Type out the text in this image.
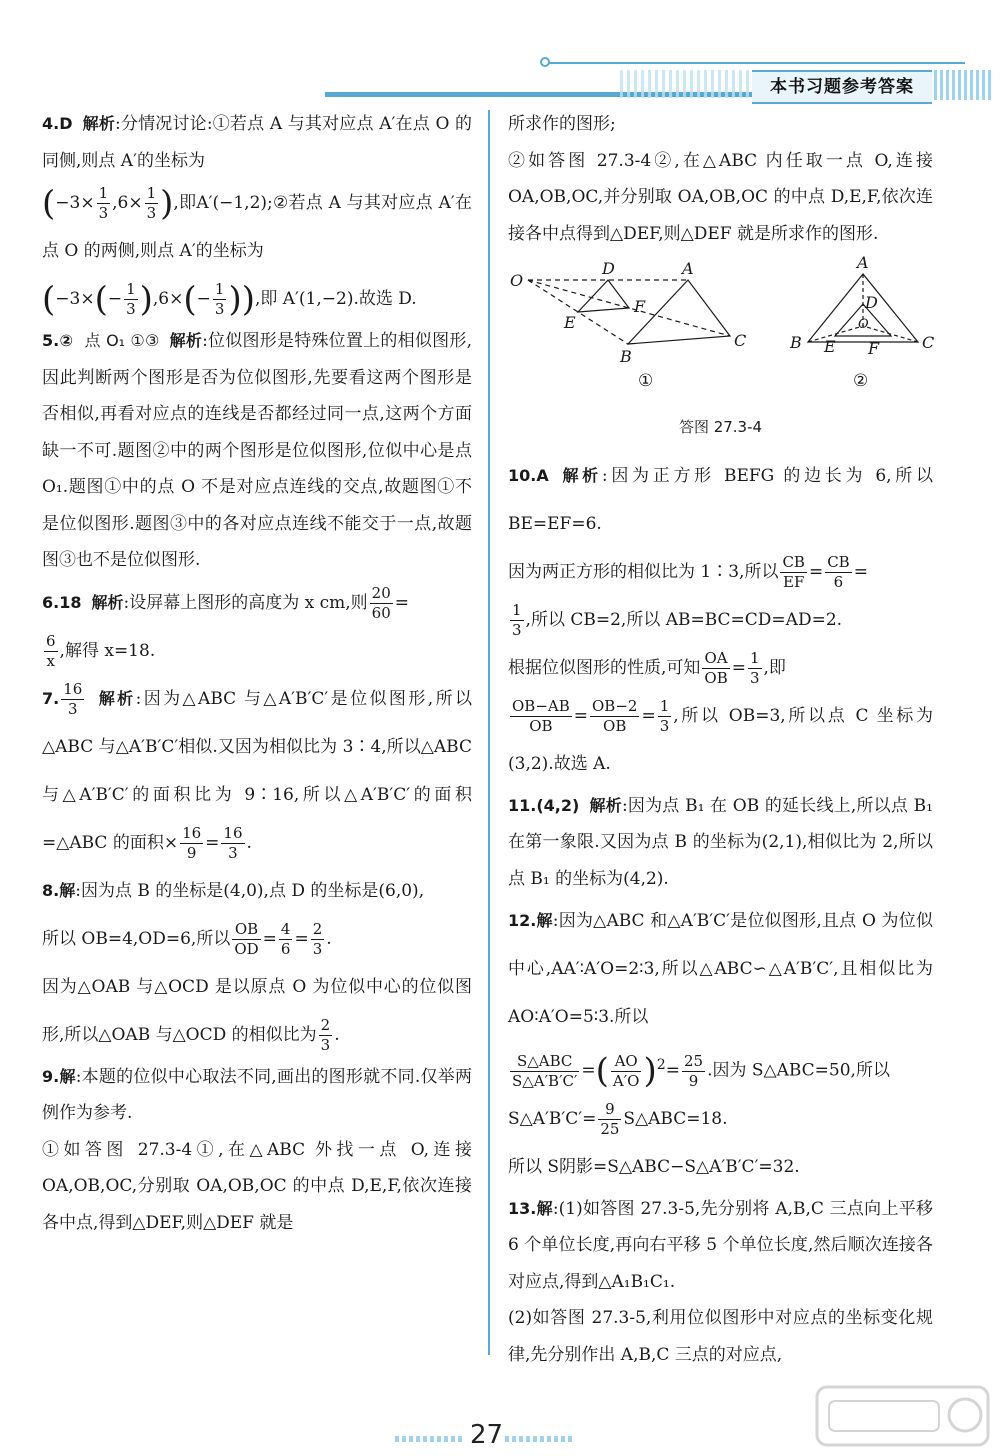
本书习题参考答案

4.D 解析:分情况讨论:①若点 A 与其对应点 A′在点 O 的同侧,则点 A′的坐标为

($-3\times \frac{1}{3} ,6\times \frac{1}{3}$ ),即A′(−1,2);②若点 A 与其对应点 A′在点 O 的两侧,则点 A′的坐标为

($-3\times(- \frac{1}{3} ),6\times(- \frac{1}{3}$ )),即 A′(1,−2).故选 D.

5.② 点 O₁ ①③ 解析:位似图形是特殊位置上的相似图形,因此判断两个图形是否为位似图形,先要看这两个图形是否相似,再看对应点的连线是否都经过同一点,这两个方面缺一不可.题图②中的两个图形是位似图形,位似中心是点 O₁.题图①中的点 O 不是对应点连线的交点,故题图①不是位似图形.题图③中的各对应点连线不能交于一点,故题图③也不是位似图形.

6.18 解析:设屏幕上图形的高度为 x cm,则 $\frac{20}{60}$ =

$\frac{6}{x}$ ,解得 x=18.

7. $\frac{16}{3}$ 解析:因为△ABC 与△A′B′C′是位似图形,所以△ABC 与△A′B′C′相似.又因为相似比为 3∶4,所以△ABC 与△A′B′C′的面积比为 9∶16,所以△A′B′C′的面积=△ABC 的面积× $\frac{16}{9} = \frac{16}{3}$ .

8.解:因为点 B 的坐标是(4,0),点 D 的坐标是(6,0),
所以 OB=4,OD=6,所以 $\frac{OB}{OD} = \frac{4}{6} = \frac{2}{3}$ .
因为△OAB 与△OCD 是以原点 O 为位似中心的位似图形,所以△OAB 与△OCD 的相似比为 $\frac{2}{3}$ .

9.解:本题的位似中心取法不同,画出的图形就不同.仅举两例作为参考.
①如答图 27.3-4①,在△ABC 外找一点 O,连接 OA,OB,OC,分别取 OA,OB,OC 的中点 D,E,F,依次连接各中点,得到△DEF,则△DEF 就是

所求作的图形;
②如答图 27.3-4②,在△ABC 内任取一点 O,连接 OA,OB,OC,并分别取 OA,OB,OC 的中点 D,E,F,依次连接各中点得到△DEF,则△DEF 就是所求作的图形.

O
D	A
F
E
B
C
A
D
B E F	C
O
①	②
答图 27.3-4

10.A 解析:因为正方形 BEFG 的边长为 6,所以 BE=EF=6.
因为两正方形的相似比为 1∶3,所以 $\frac{CB}{EF} = \frac{CB}{6}$ =

$\frac{1}{3}$ ,所以 CB=2,所以 AB=BC=CD=AD=2.
根据位似图形的性质,可知 $\frac{OA}{OB} = \frac{1}{3}$ ,即

$\frac{OB-AB}{OB} = \frac{OB-2}{OB} = \frac{1}{3}$ ,所以 OB=3,所以点 C 坐标为(3,2).故选 A.

11.(4,2) 解析:因为点 B₁ 在 OB 的延长线上,所以点 B₁ 在第一象限.又因为点 B 的坐标为(2,1),相似比为 2,所以点 B₁ 的坐标为(4,2).

12.解:因为△ABC 和△A′B′C′是位似图形,且点 O 为位似中心,AA′∶A′O=2∶3,所以△ABC∽△A′B′C′,且相似比为 AO∶A′O=5∶3.所以

$\frac{\text{S△ABC}}{S\triangle A'B'C'}$ =( $\frac{AO}{A'O} )^2= \frac{25}{9}$ .因为 S△ABC=50,所以
S△A′B′C′= $\frac{9}{25}$ S△ABC=18.
所以 S阴影=S△ABC−S△A′B′C′=32.

13.解:(1)如答图 27.3-5,先分别将 A,B,C 三点向上平移 6 个单位长度,再向右平移 5 个单位长度,然后顺次连接各对应点,得到△A₁B₁C₁.
(2)如答图 27.3-5,利用位似图形中对应点的坐标变化规律,先分别作出 A,B,C 三点的对应点,

27
